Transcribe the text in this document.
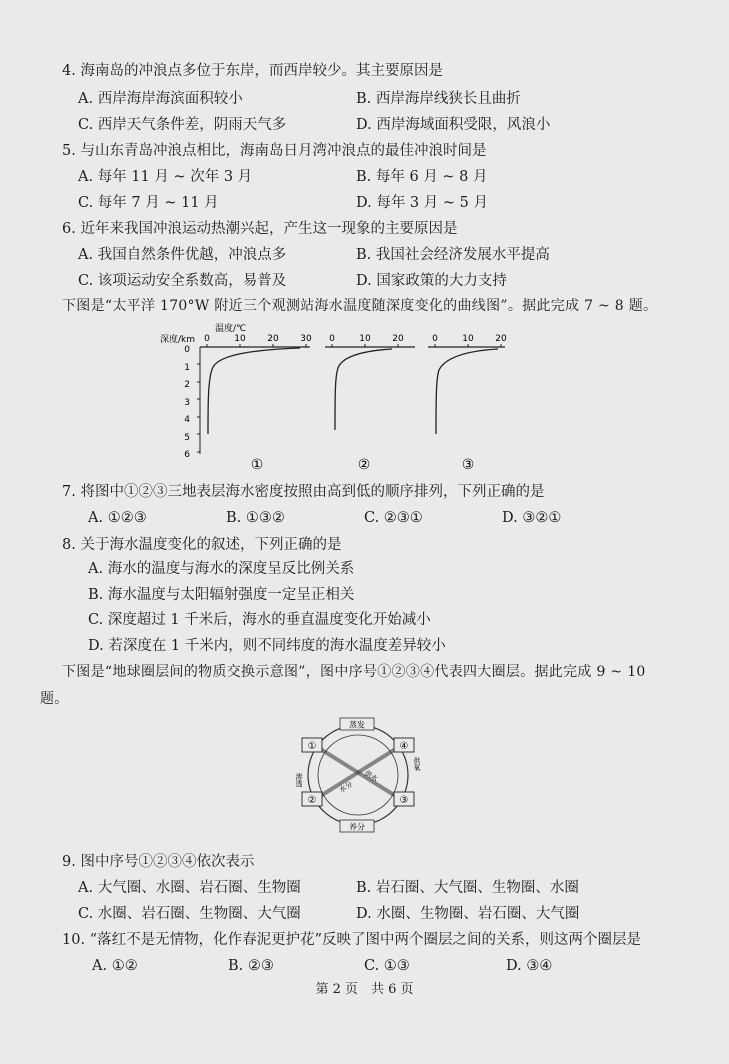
4. 海南岛的冲浪点多位于东岸，而西岸较少。其主要原因是
A. 西岸海岸海滨面积较小	B. 西岸海岸线狭长且曲折
C. 西岸天气条件差，阴雨天气多	D. 西岸海域面积受限，风浪小
5. 与山东青岛冲浪点相比，海南岛日月湾冲浪点的最佳冲浪时间是
A. 每年 11 月 ~ 次年 3 月	B. 每年 6 月 ~ 8 月
C. 每年 7 月 ~ 11 月	D. 每年 3 月 ~ 5 月
6. 近年来我国冲浪运动热潮兴起，产生这一现象的主要原因是
A. 我国自然条件优越，冲浪点多	B. 我国社会经济发展水平提高
C. 该项运动安全系数高，易普及	D. 国家政策的大力支持
下图是“太平洋 170°W 附近三个观测站海水温度随深度变化的曲线图”。据此完成 7 ~ 8 题。
深度/km
温度/℃
0
1
2
3
4
5
6
0	10 20 30 0	10 20	0	10 20
①	②	③
7. 将图中①②③三地表层海水密度按照由高到低的顺序排列，下列正确的是
A. ①②③	B. ①③②	C. ②③①	D. ③②①
8. 关于海水温度变化的叙述，下列正确的是
A. 海水的温度与海水的深度呈反比例关系
B. 海水温度与太阳辐射强度一定呈正相关
C. 深度超过 1 千米后，海水的垂直温度变化开始减小
D. 若深度在 1 千米内，则不同纬度的海水温度差异较小
下图是“地球圈层间的物质交换示意图”，图中序号①②③④代表四大圈层。据此完成 9 ~ 10
题。
蒸发
养分
渗透
供氧
供水
水分
①	④
②	③
9. 图中序号①②③④依次表示
A. 大气圈、水圈、岩石圈、生物圈	B. 岩石圈、大气圈、生物圈、水圈
C. 水圈、岩石圈、生物圈、大气圈	D. 水圈、生物圈、岩石圈、大气圈
10. “落红不是无情物，化作春泥更护花”反映了图中两个圈层之间的关系，则这两个圈层是
A. ①②	B. ②③	C. ①③	D. ③④
第 2 页　共 6 页
